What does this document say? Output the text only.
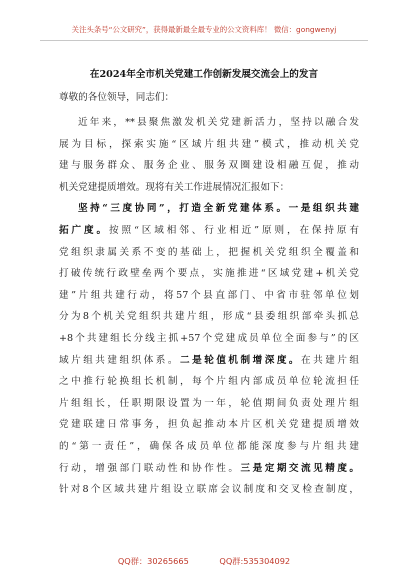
关注头条号“公文研究”，获得最新最全最专业的公文资料库！ 微信：gongwenyj
在2024年全市机关党建工作创新发展交流会上的发言
尊敬的各位领导，同志们：
近年来，**县聚焦激发机关党建新活力，坚持以融合发
展为目标，探索实施“区域片组共建”模式，推动机关党
建与服务群众、服务企业、服务双圈建设相融互促，推动
机关党建提质增效。现将有关工作进展情况汇报如下：
坚持“三度协同”，打造全新党建体系。一是组织共建
拓广度。按照“区域相邻、行业相近”原则，在保持原有
党组织隶属关系不变的基础上，把握机关党组织全覆盖和
打破传统行政壁垒两个要点，实施推进“区域党建+机关党
建”片组共建行动，将57个县直部门、中省市驻邻单位划
分为8个机关党组织共建片组，形成“县委组织部牵头抓总
+8个共建组长分线主抓+57个党建成员单位全面参与”的区
域片组共建组织体系。二是轮值机制增深度。在共建片组
之中推行轮换组长机制，每个片组内部成员单位轮流担任
片组组长，任职期限设置为一年，轮值期间负责处理片组
党建联建日常事务，担负起推动本片区机关党建提质增效
的“第一责任”，确保各成员单位都能深度参与片组共建
行动，增强部门联动性和协作性。三是定期交流见精度。
针对8个区域共建片组设立联席会议制度和交叉检查制度，
QQ群：30265665	QQ群:535304092
